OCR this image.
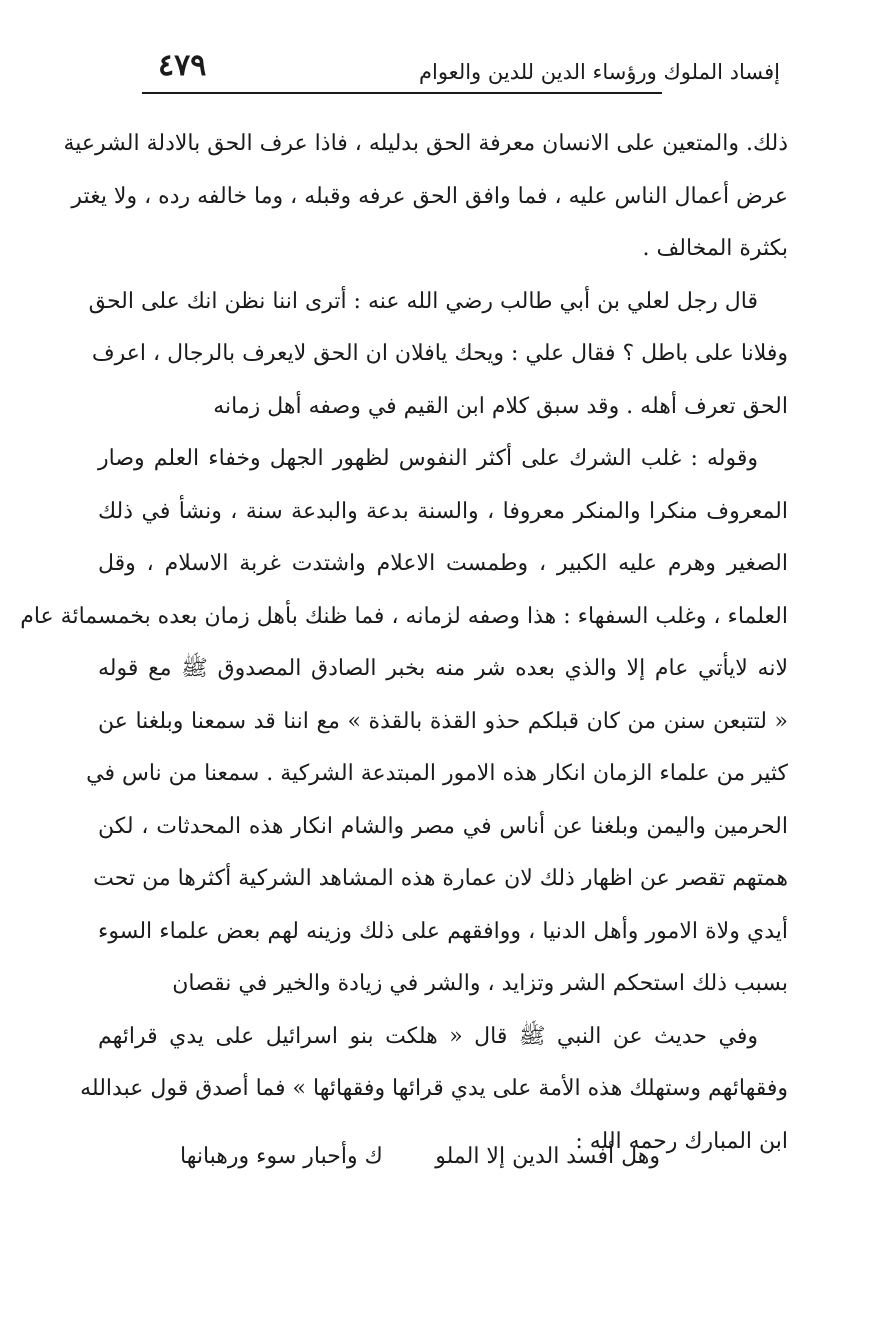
إفساد الملوك ورؤساء الدين للدين والعوام
٤٧٩
ذلك. والمتعين على الانسان معرفة الحق بدليله ، فاذا عرف الحق بالادلة الشرعية
عرض أعمال الناس عليه ، فما وافق الحق عرفه وقبله ، وما خالفه رده ، ولا يغتر
بكثرة المخالف .
قال رجل لعلي بن أبي طالب رضي الله عنه : أترى اننا نظن انك على الحق
وفلانا على باطل ؟ فقال علي : ويحك يافلان ان الحق لايعرف بالرجال ، اعرف
الحق تعرف أهله . وقد سبق كلام ابن القيم في وصفه أهل زمانه
وقوله : غلب الشرك على أكثر النفوس لظهور الجهل وخفاء العلم وصار
المعروف منكرا والمنكر معروفا ، والسنة بدعة والبدعة سنة ، ونشأ في ذلك
الصغير وهرم عليه الكبير ، وطمست الاعلام واشتدت غربة الاسلام ، وقل
العلماء ، وغلب السفهاء : هذا وصفه لزمانه ، فما ظنك بأهل زمان بعده بخمسمائة عام
لانه لايأتي عام إلا والذي بعده شر منه بخبر الصادق المصدوق ﷺ مع قوله
« لتتبعن سنن من كان قبلكم حذو القذة بالقذة » مع اننا قد سمعنا وبلغنا عن
كثير من علماء الزمان انكار هذه الامور المبتدعة الشركية . سمعنا من ناس في
الحرمين واليمن وبلغنا عن أناس في مصر والشام انكار هذه المحدثات ، لكن
همتهم تقصر عن اظهار ذلك لان عمارة هذه المشاهد الشركية أكثرها من تحت
أيدي ولاة الامور وأهل الدنيا ، ووافقهم على ذلك وزينه لهم بعض علماء السوء
بسبب ذلك استحكم الشر وتزايد ، والشر في زيادة والخير في نقصان
وفي حديث عن النبي ﷺ قال « هلكت بنو اسرائيل على يدي قرائهم
وفقهائهم وستهلك هذه الأمة على يدي قرائها وفقهائها » فما أصدق قول عبدالله
ابن المبارك رحمه الله :
وهل أفسد الدين إلا الملو
ك وأحبار سوء ورهبانها
